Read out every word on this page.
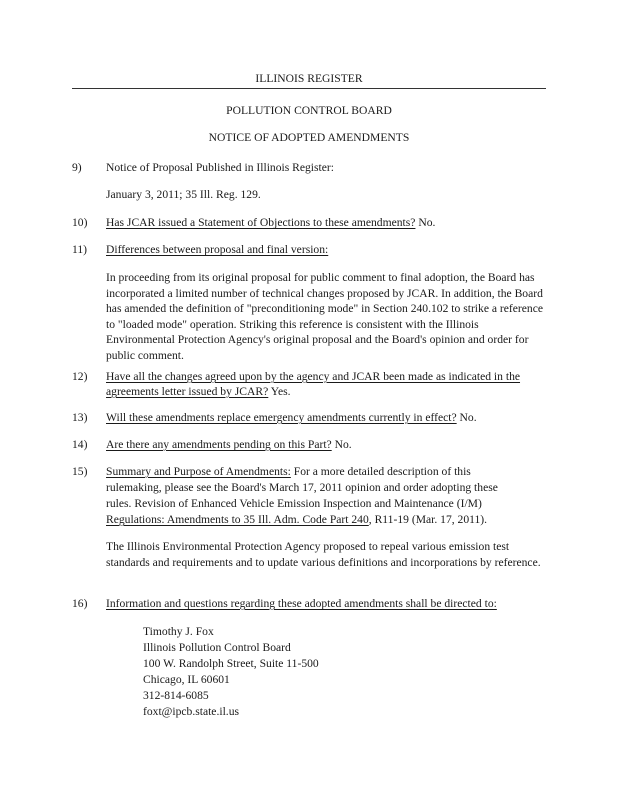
ILLINOIS REGISTER
POLLUTION CONTROL BOARD
NOTICE OF ADOPTED AMENDMENTS
9) Notice of Proposal Published in Illinois Register:
January 3, 2011; 35 Ill. Reg. 129.
10) Has JCAR issued a Statement of Objections to these amendments? No.
11) Differences between proposal and final version:
In proceeding from its original proposal for public comment to final adoption, the Board has incorporated a limited number of technical changes proposed by JCAR. In addition, the Board has amended the definition of "preconditioning mode" in Section 240.102 to strike a reference to "loaded mode" operation. Striking this reference is consistent with the Illinois Environmental Protection Agency's original proposal and the Board's opinion and order for public comment.
12) Have all the changes agreed upon by the agency and JCAR been made as indicated in the
agreements letter issued by JCAR? Yes.
13) Will these amendments replace emergency amendments currently in effect? No.
14) Are there any amendments pending on this Part? No.
15) Summary and Purpose of Amendments: For a more detailed description of this
rulemaking, please see the Board's March 17, 2011 opinion and order adopting these
rules. Revision of Enhanced Vehicle Emission Inspection and Maintenance (I/M)
Regulations: Amendments to 35 Ill. Adm. Code Part 240, R11-19 (Mar. 17, 2011).
The Illinois Environmental Protection Agency proposed to repeal various emission test standards and requirements and to update various definitions and incorporations by reference.
16) Information and questions regarding these adopted amendments shall be directed to:
Timothy J. Fox
Illinois Pollution Control Board
100 W. Randolph Street, Suite 11-500
Chicago, IL 60601
312-814-6085
foxt@ipcb.state.il.us
